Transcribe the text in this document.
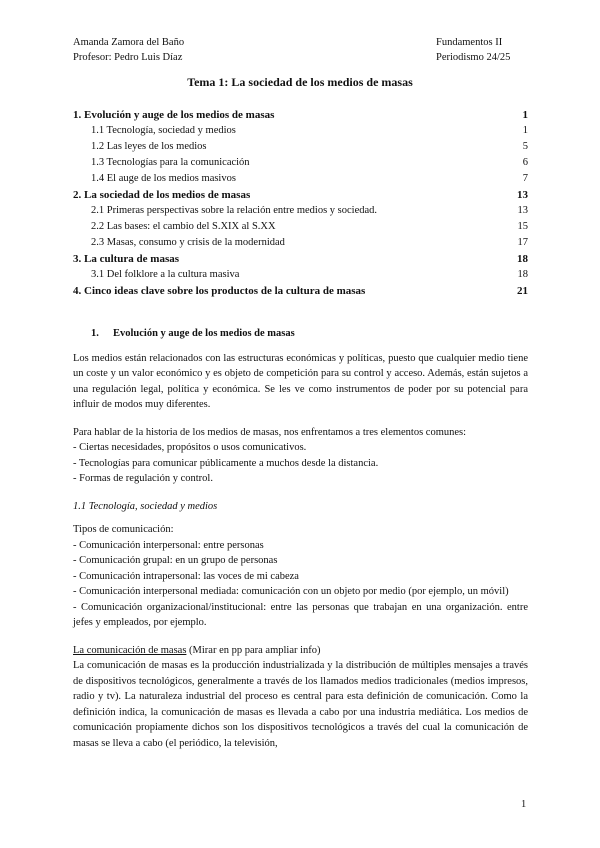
Amanda Zamora del Baño
Profesor: Pedro Luis Díaz
Fundamentos II
Periodismo 24/25
Tema 1: La sociedad de los medios de masas
1. Evolución y auge de los medios de masas	1
1.1 Tecnología, sociedad y medios	1
1.2 Las leyes de los medios	5
1.3 Tecnologías para la comunicación	6
1.4 El auge de los medios masivos	7
2. La sociedad de los medios de masas	13
2.1 Primeras perspectivas sobre la relación entre medios y sociedad.	13
2.2 Las bases: el cambio del S.XIX al S.XX	15
2.3 Masas, consumo y crisis de la modernidad	17
3. La cultura de masas	18
3.1 Del folklore a la cultura masiva	18
4. Cinco ideas clave sobre los productos de la cultura de masas	21
1. Evolución y auge de los medios de masas
Los medios están relacionados con las estructuras económicas y políticas, puesto que cualquier medio tiene un coste y un valor económico y es objeto de competición para su control y acceso. Además, están sujetos a una regulación legal, política y económica. Se les ve como instrumentos de poder por su potencial para influir de modos muy diferentes.
Para hablar de la historia de los medios de masas, nos enfrentamos a tres elementos comunes:
- Ciertas necesidades, propósitos o usos comunicativos.
- Tecnologías para comunicar públicamente a muchos desde la distancia.
- Formas de regulación y control.
1.1 Tecnología, sociedad y medios
Tipos de comunicación:
- Comunicación interpersonal: entre personas
- Comunicación grupal: en un grupo de personas
- Comunicación intrapersonal: las voces de mi cabeza
- Comunicación interpersonal mediada: comunicación con un objeto por medio (por ejemplo, un móvil)
- Comunicación organizacional/institucional: entre las personas que trabajan en una organización. entre jefes y empleados, por ejemplo.
La comunicación de masas (Mirar en pp para ampliar info)
La comunicación de masas es la producción industrializada y la distribución de múltiples mensajes a través de dispositivos tecnológicos, generalmente a través de los llamados medios tradicionales (medios impresos, radio y tv). La naturaleza industrial del proceso es central para esta definición de comunicación. Como la definición indica, la comunicación de masas es llevada a cabo por una industria mediática. Los medios de comunicación propiamente dichos son los dispositivos tecnológicos a través del cual la comunicación de masas se lleva a cabo (el periódico, la televisión,
1
